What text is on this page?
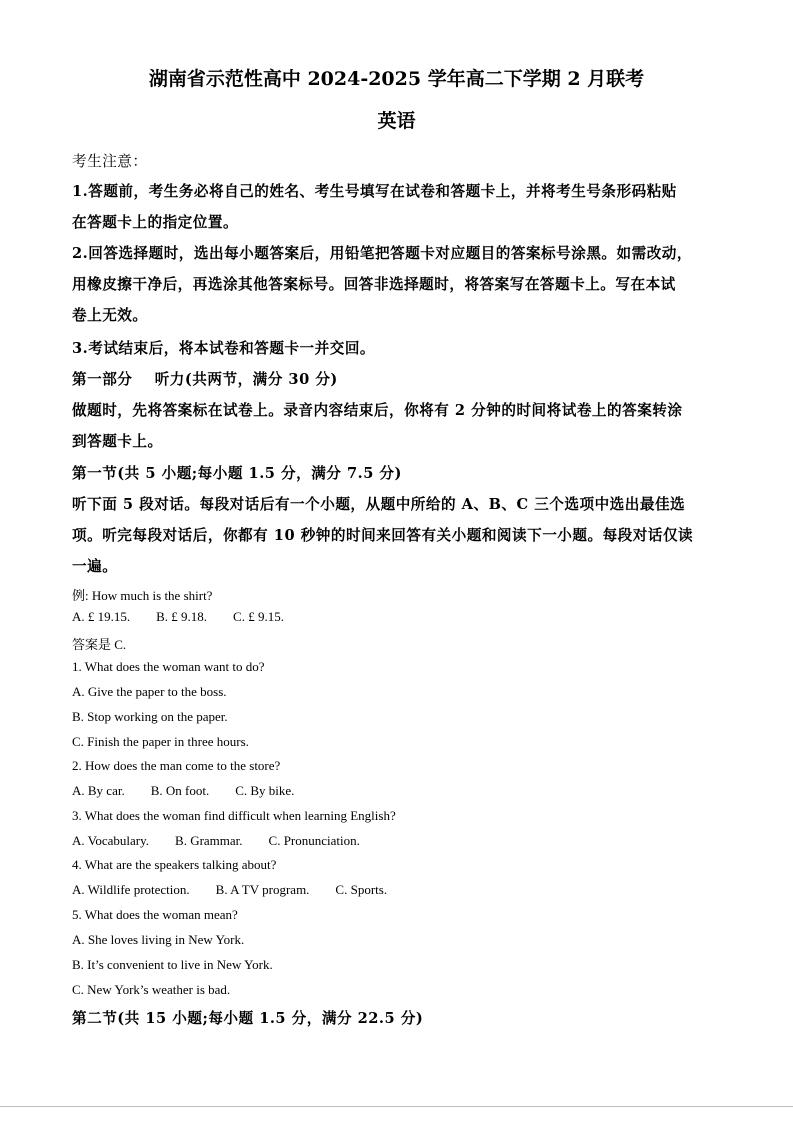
湖南省示范性高中 2024-2025 学年高二下学期 2 月联考
英语
考生注意：
1.答题前，考生务必将自己的姓名、考生号填写在试卷和答题卡上，并将考生号条形码粘贴
在答题卡上的指定位置。
2.回答选择题时，选出每小题答案后，用铅笔把答题卡对应题目的答案标号涂黑。如需改动，
用橡皮擦干净后，再选涂其他答案标号。回答非选择题时，将答案写在答题卡上。写在本试
卷上无效。
3.考试结束后，将本试卷和答题卡一并交回。
第一部分    听力(共两节，满分 30 分)
做题时，先将答案标在试卷上。录音内容结束后，你将有 2 分钟的时间将试卷上的答案转涂
到答题卡上。
第一节(共 5 小题;每小题 1.5 分，满分 7.5 分)
听下面 5 段对话。每段对话后有一个小题，从题中所给的 A、B、C 三个选项中选出最佳选
项。听完每段对话后，你都有 10 秒钟的时间来回答有关小题和阅读下一小题。每段对话仅读
一遍。
例: How much is the shirt?
A. £ 19.15.        B. £ 9.18.        C. £ 9.15.
答案是 C.
1. What does the woman want to do?
A. Give the paper to the boss.
B. Stop working on the paper.
C. Finish the paper in three hours.
2. How does the man come to the store?
A. By car.        B. On foot.        C. By bike.
3. What does the woman find difficult when learning English?
A. Vocabulary.        B. Grammar.        C. Pronunciation.
4. What are the speakers talking about?
A. Wildlife protection.        B. A TV program.        C. Sports.
5. What does the woman mean?
A. She loves living in New York.
B. It’s convenient to live in New York.
C. New York’s weather is bad.
第二节(共 15 小题;每小题 1.5 分，满分 22.5 分)
